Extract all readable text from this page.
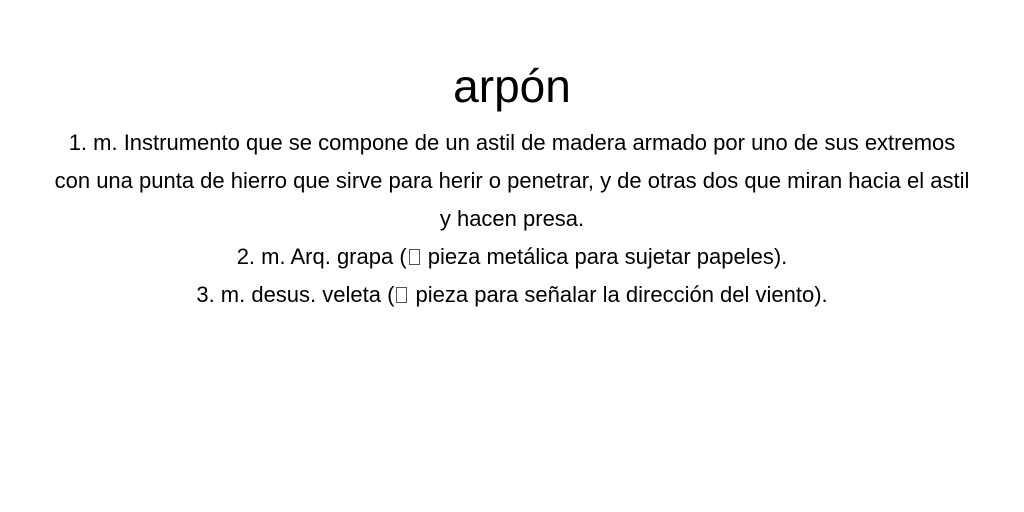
arpón
1. m. Instrumento que se compone de un astil de madera armado por uno de sus extremos con una punta de hierro que sirve para herir o penetrar, y de otras dos que miran hacia el astil y hacen presa.
2. m. Arq. grapa ( pieza metálica para sujetar papeles).
3. m. desus. veleta ( pieza para señalar la dirección del viento).
